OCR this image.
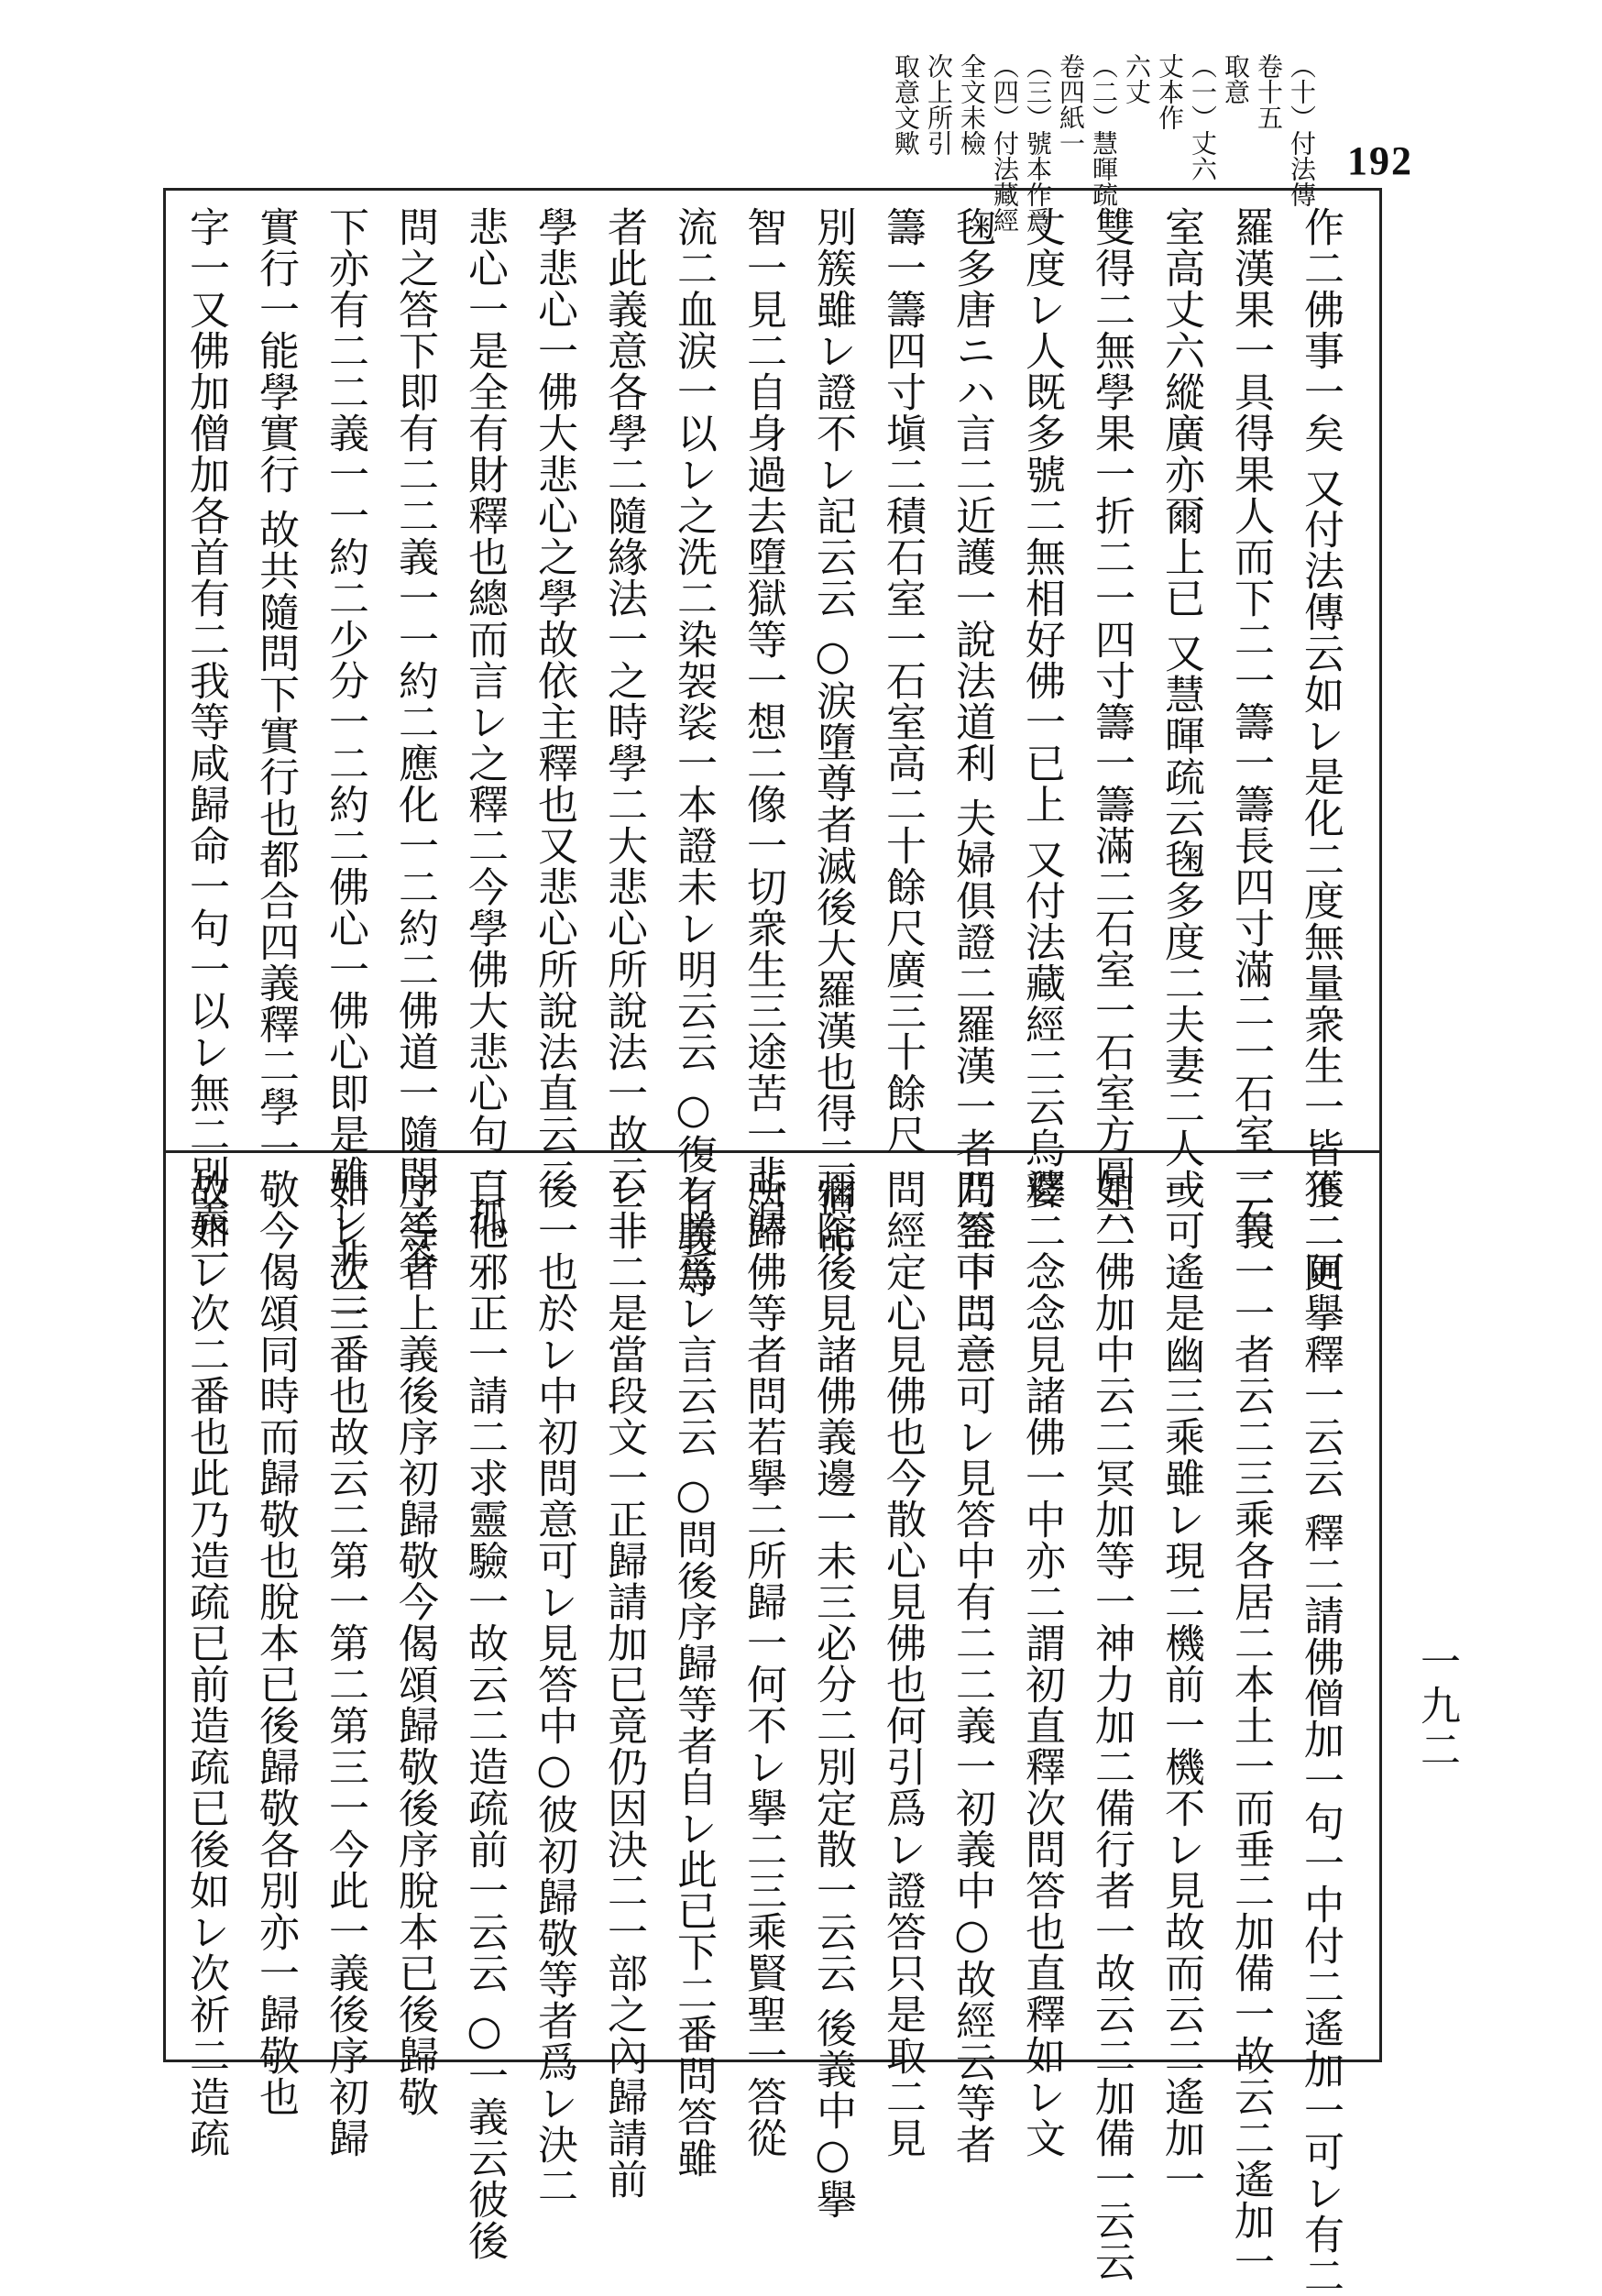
192
（十）付法傳
卷十五
取意
（一）丈六
丈本作
六丈
（二）慧暉疏
卷四紙一
（三）號本作爲
（四）付法藏經
全文未檢
次上所引
取意文歟
作二佛事一矣 又付法傳云如レ是化二度無量衆生一皆獲二阿
羅漢果一具得果人而下二一籌一籌長四寸滿二一石室一石
室高丈六縱廣亦爾上已 又慧暉疏云毱多度二夫妻二人一
雙得二無學果一折二一四寸籌一籌滿二石室一石室方圓六
丈度レ人既多號二無相好佛一已上 又付法藏經二云烏婆
毱多唐ニハ言二近護一說法道利 夫婦俱證二羅漢一者乃至下二一
籌一籌四寸塡二積石室一石室高二十餘尺廣三十餘尺
別簇雖レ證不レ記云云 ○涙墮尊者滅後大羅漢也得二宿命
智一見二自身過去墮獄等一想二像一切衆生三途苦一悲涙
流二血涙一以レ之洗二染袈裟一本證未レ明云云 ○復有義等
者此義意各學二隨緣法一之時學二大悲心所說法一故云二
學悲心一佛大悲心之學故依主釋也又悲心所說法直云二
悲心一是全有財釋也總而言レ之釋二今學佛大悲心句一孤
問之答下即有二二義一一約二應化一二約二佛道一隨問之答
下亦有二二義一一約二少分一二約二佛心一佛心即是雖レ非二
實行一能學實行 故共隨問下實行也都合四義釋二學一
字一又佛加僧加各首有二我等咸歸命一句一以レ無二別義一
不二更擧釋一云云 釋二請佛僧加一句一中付二遙加一可レ有二
二義一一者云二三乘各居二本土一而垂二加備一故云二遙加一
或可遙是幽三乘雖レ現二機前一機不レ見故而云二遙加一
如二佛加中云二冥加等一神力加二備行者一故云二加備一云云
釋二念念見諸佛一中亦二謂初直釋次問答也直釋如レ文
問答中問意可レ見答中有二二義一初義中○故經云等者
問經定心見佛也今散心見佛也何引爲レ證答只是取二見
彌陀後見諸佛義邊一未三必分二別定散一云云 後義中○擧
所歸佛等者問若擧二所歸一何不レ擧二三乘賢聖一答從
レ勝爲レ言云云 ○問後序歸等者自レ此已下二番問答雖
レ非二是當段文一正歸請加已竟仍因決二一部之內歸請前
後一也於レ中初問意可レ見答中○彼初歸敬等者爲レ決二
自他邪正一請二求靈驗一故云二造疏前一云云 ○一義云彼後
序等者上義後序初歸敬今偈頌歸敬後序脫本已後歸敬
如レ次三番也故云二第一第二第三一今此一義後序初歸
敬今偈頌同時而歸敬也脫本已後歸敬各別亦一歸敬也
故如レ次二番也此乃造疏已前造疏已後如レ次祈二造疏	一九二
